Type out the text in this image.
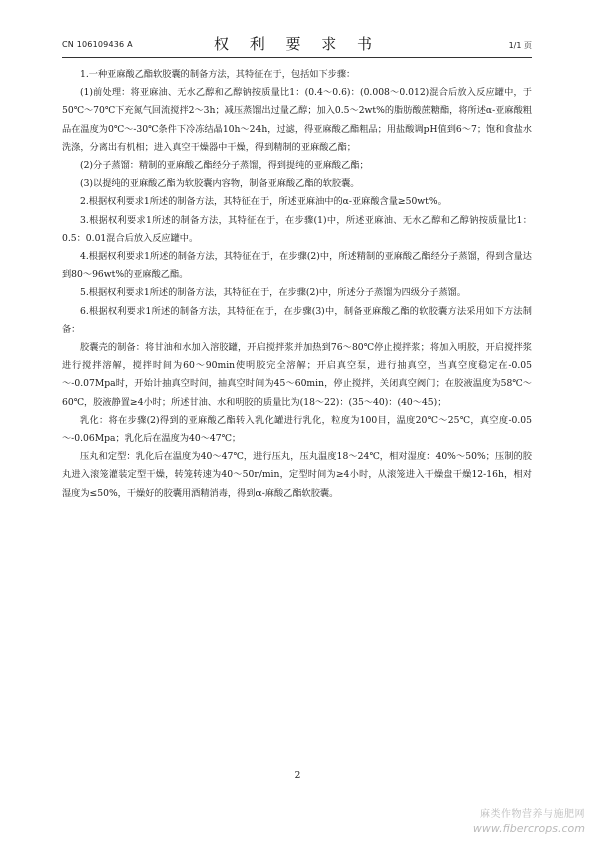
CN 106109436 A	权 利 要 求 书	1/1 页

1.一种亚麻酸乙酯软胶囊的制备方法，其特征在于，包括如下步骤：

(1)前处理：将亚麻油、无水乙醇和乙醇钠按质量比1：(0.4～0.6)：(0.008～0.012)混合后放入反应罐中，于50℃～70℃下充氮气回流搅拌2～3h；减压蒸馏出过量乙醇；加入0.5～2wt%的脂肪酸蔗糖酯，将所述α-亚麻酸粗品在温度为0℃～-30℃条件下冷冻结晶10h～24h，过滤，得亚麻酸乙酯粗品；用盐酸调pH值到6～7；饱和食盐水洗涤，分离出有机相；进入真空干燥器中干燥，得到精制的亚麻酸乙酯；

(2)分子蒸馏：精制的亚麻酸乙酯经分子蒸馏，得到提纯的亚麻酸乙酯；

(3)以提纯的亚麻酸乙酯为软胶囊内容物，制备亚麻酸乙酯的软胶囊。

2.根据权利要求1所述的制备方法，其特征在于，所述亚麻油中的α-亚麻酸含量≥50wt%。

3.根据权利要求1所述的制备方法，其特征在于，在步骤(1)中，所述亚麻油、无水乙醇和乙醇钠按质量比1：0.5：0.01混合后放入反应罐中。

4.根据权利要求1所述的制备方法，其特征在于，在步骤(2)中，所述精制的亚麻酸乙酯经分子蒸馏，得到含量达到80～96wt%的亚麻酸乙酯。

5.根据权利要求1所述的制备方法，其特征在于，在步骤(2)中，所述分子蒸馏为四级分子蒸馏。

6.根据权利要求1所述的制备方法，其特征在于，在步骤(3)中，制备亚麻酸乙酯的软胶囊方法采用如下方法制备：

胶囊壳的制备：将甘油和水加入溶胶罐，开启搅拌浆并加热到76～80℃停止搅拌浆；将加入明胶，开启搅拌浆进行搅拌溶解，搅拌时间为60～90min使明胶完全溶解；开启真空泵，进行抽真空，当真空度稳定在-0.05～-0.07Mpa时，开始计抽真空时间，抽真空时间为45～60min，停止搅拌，关闭真空阀门；在胶液温度为58℃～60℃，胶液静置≥4小时；所述甘油、水和明胶的质量比为(18～22)：(35～40)：(40～45)；

乳化：将在步骤(2)得到的亚麻酸乙酯转入乳化罐进行乳化，粒度为100目，温度20℃～25℃，真空度-0.05～-0.06Mpa；乳化后在温度为40～47℃；

压丸和定型：乳化后在温度为40～47℃，进行压丸，压丸温度18～24℃，相对湿度：40%～50%；压制的胶丸进入滚笼灌装定型干燥，转笼转速为40～50r/min，定型时间为≥4小时，从滚笼进入干燥盘干燥12-16h，相对湿度为≤50%，干燥好的胶囊用酒精消毒，得到α-麻酸乙酯软胶囊。

2
麻类作物营养与施肥网
www.fibercrops.com
